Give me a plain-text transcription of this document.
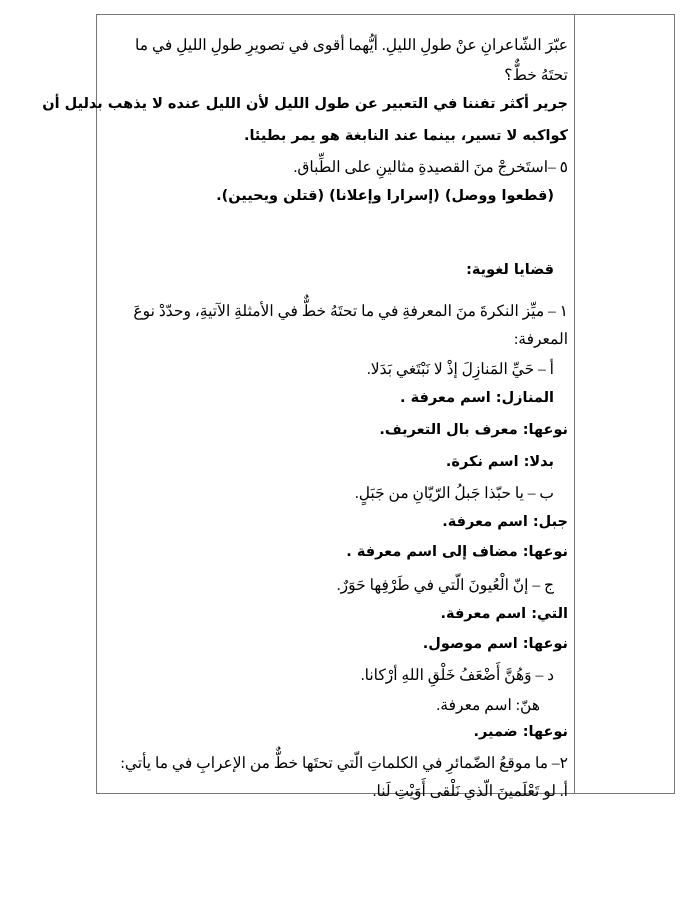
عبّرَ الشّاعرانِ عنْ طولِ الليلِ. أيُّهما أقوى في تصويرِ طولِ الليلِ في ما
تحتَهُ خطٌّ؟
جرير أكثر تفننا في التعبير عن طول الليل لأن الليل عنده لا يذهب بدليل أن
كواكبه لا تسير، بينما عند النابغة هو يمر بطيئا.
٥ –استَخرجْ منَ القصيدةِ مثالينِ على الطِّباق.
(قطعوا ووصل) (إسرارا وإعلانا) (قتلن ويحيين).
قضايا لغوية:
١ – ميِّز النكرةَ منَ المعرفةِ في ما تحتَهُ خطٌّ في الأمثلةِ الآتيةِ، وحدّدْ نوعَ
المعرفة:
أ – حَيِّ المَنازِلَ إذْ لا نَبْتَغي بَدَلا.
المنازل: اسم معرفة .
نوعها: معرف بال التعريف.
بدلا: اسم نكرة.
ب – يا حبّذا جَبلُ الرّيّانِ من جَبَلٍ.
جبل: اسم معرفة.
نوعها: مضاف إلى اسم معرفة .
ج – إنّ الْعُيونَ الّتي في طَرْفِها حَوَرٌ.
التي: اسم معرفة.
نوعها: اسم موصول.
د – وَهُنَّ أَضْعَفُ خَلْقِ اللهِ أرْكانا.
هنّ: اسم معرفة.
نوعها: ضمير.
٢– ما موقعُ الضّمائرِ في الكلماتِ الّتي تحتَها خطٌّ من الإعرابِ في ما يأتي:
أ. لو تَعْلَمينَ الّذي نَلْقى أَوَيْتِ لَنا.
